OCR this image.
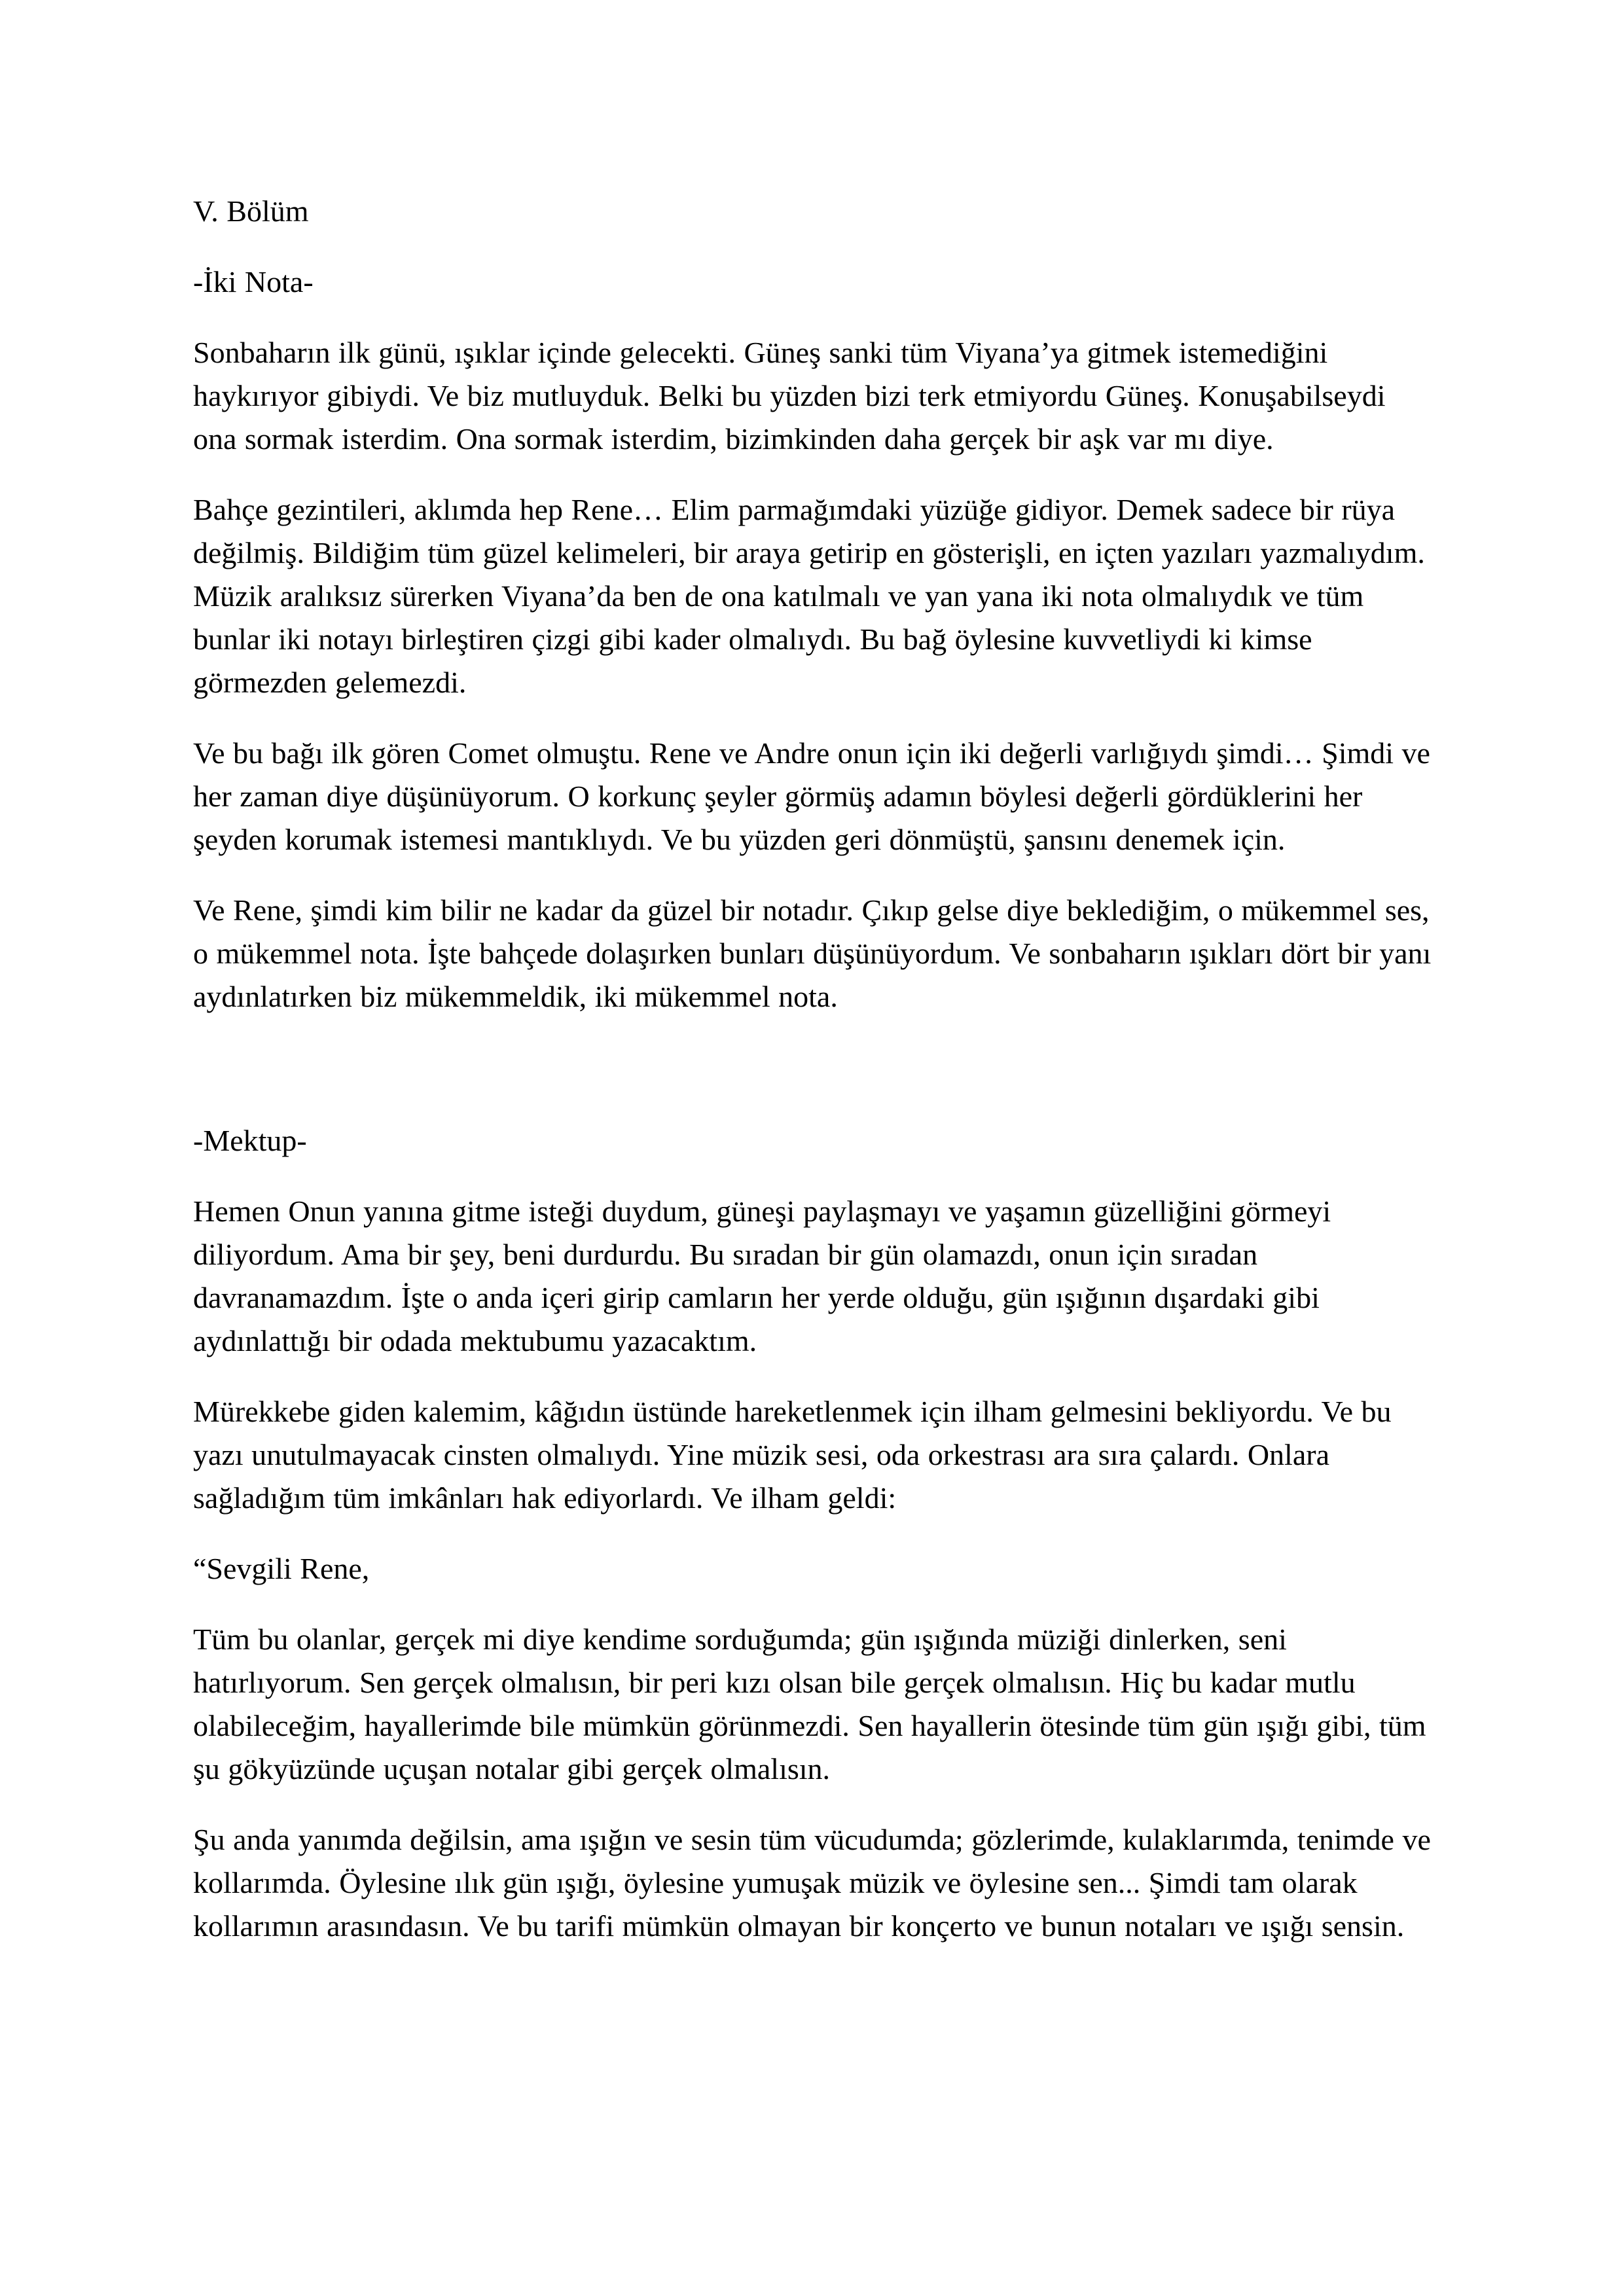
V. Bölüm

-İki Nota-

Sonbaharın ilk günü, ışıklar içinde gelecekti. Güneş sanki tüm Viyana’ya gitmek istemediğini haykırıyor gibiydi. Ve biz mutluyduk. Belki bu yüzden bizi terk etmiyordu Güneş. Konuşabilseydi ona sormak isterdim. Ona sormak isterdim, bizimkinden daha gerçek bir aşk var mı diye.

Bahçe gezintileri, aklımda hep Rene… Elim parmağımdaki yüzüğe gidiyor. Demek sadece bir rüya değilmiş. Bildiğim tüm güzel kelimeleri, bir araya getirip en gösterişli, en içten yazıları yazmalıydım. Müzik aralıksız sürerken Viyana’da ben de ona katılmalı ve yan yana iki nota olmalıydık ve tüm bunlar iki notayı birleştiren çizgi gibi kader olmalıydı. Bu bağ öylesine kuvvetliydi ki kimse görmezden gelemezdi.

Ve bu bağı ilk gören Comet olmuştu. Rene ve Andre onun için iki değerli varlığıydı şimdi… Şimdi ve her zaman diye düşünüyorum. O korkunç şeyler görmüş adamın böylesi değerli gördüklerini her şeyden korumak istemesi mantıklıydı. Ve bu yüzden geri dönmüştü, şansını denemek için.

Ve Rene, şimdi kim bilir ne kadar da güzel bir notadır. Çıkıp gelse diye beklediğim, o mükemmel ses, o mükemmel nota. İşte bahçede dolaşırken bunları düşünüyordum. Ve sonbaharın ışıkları dört bir yanı aydınlatırken biz mükemmeldik, iki mükemmel nota.

-Mektup-

Hemen Onun yanına gitme isteği duydum, güneşi paylaşmayı ve yaşamın güzelliğini görmeyi diliyordum. Ama bir şey, beni durdurdu. Bu sıradan bir gün olamazdı, onun için sıradan davranamazdım. İşte o anda içeri girip camların her yerde olduğu, gün ışığının dışardaki gibi aydınlattığı bir odada mektubumu yazacaktım.

Mürekkebe giden kalemim, kâğıdın üstünde hareketlenmek için ilham gelmesini bekliyordu. Ve bu yazı unutulmayacak cinsten olmalıydı. Yine müzik sesi, oda orkestrası ara sıra çalardı. Onlara sağladığım tüm imkânları hak ediyorlardı. Ve ilham geldi:

“Sevgili Rene,

Tüm bu olanlar, gerçek mi diye kendime sorduğumda; gün ışığında müziği dinlerken, seni hatırlıyorum. Sen gerçek olmalısın, bir peri kızı olsan bile gerçek olmalısın. Hiç bu kadar mutlu olabileceğim, hayallerimde bile mümkün görünmezdi. Sen hayallerin ötesinde tüm gün ışığı gibi, tüm şu gökyüzünde uçuşan notalar gibi gerçek olmalısın.

Şu anda yanımda değilsin, ama ışığın ve sesin tüm vücudumda; gözlerimde, kulaklarımda, tenimde ve kollarımda. Öylesine ılık gün ışığı, öylesine yumuşak müzik ve öylesine sen... Şimdi tam olarak kollarımın arasındasın. Ve bu tarifi mümkün olmayan bir konçerto ve bunun notaları ve ışığı sensin.
